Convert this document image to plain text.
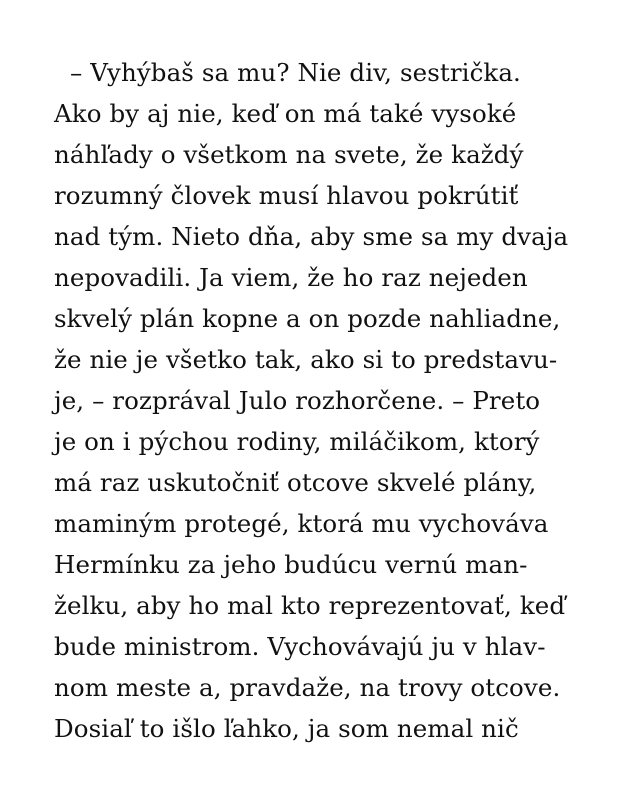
– Vyhýbaš sa mu? Nie div, sestrička.
Ako by aj nie, keď on má také vysoké
náhľady o všetkom na svete, že každý
rozumný človek musí hlavou pokrútiť
nad tým. Nieto dňa, aby sme sa my dvaja
nepovadili. Ja viem, že ho raz nejeden
skvelý plán kopne a on pozde nahliadne,
že nie je všetko tak, ako si to predstavu-
je, – rozprával Julo rozhorčene. – Preto
je on i pýchou rodiny, miláčikom, ktorý
má raz uskutočniť otcove skvelé plány,
maminým protegé, ktorá mu vychováva
Hermínku za jeho budúcu vernú man-
želku, aby ho mal kto reprezentovať, keď
bude ministrom. Vychovávajú ju v hlav-
nom meste a, pravdaže, na trovy otcove.
Dosiaľ to išlo ľahko, ja som nemal nič
